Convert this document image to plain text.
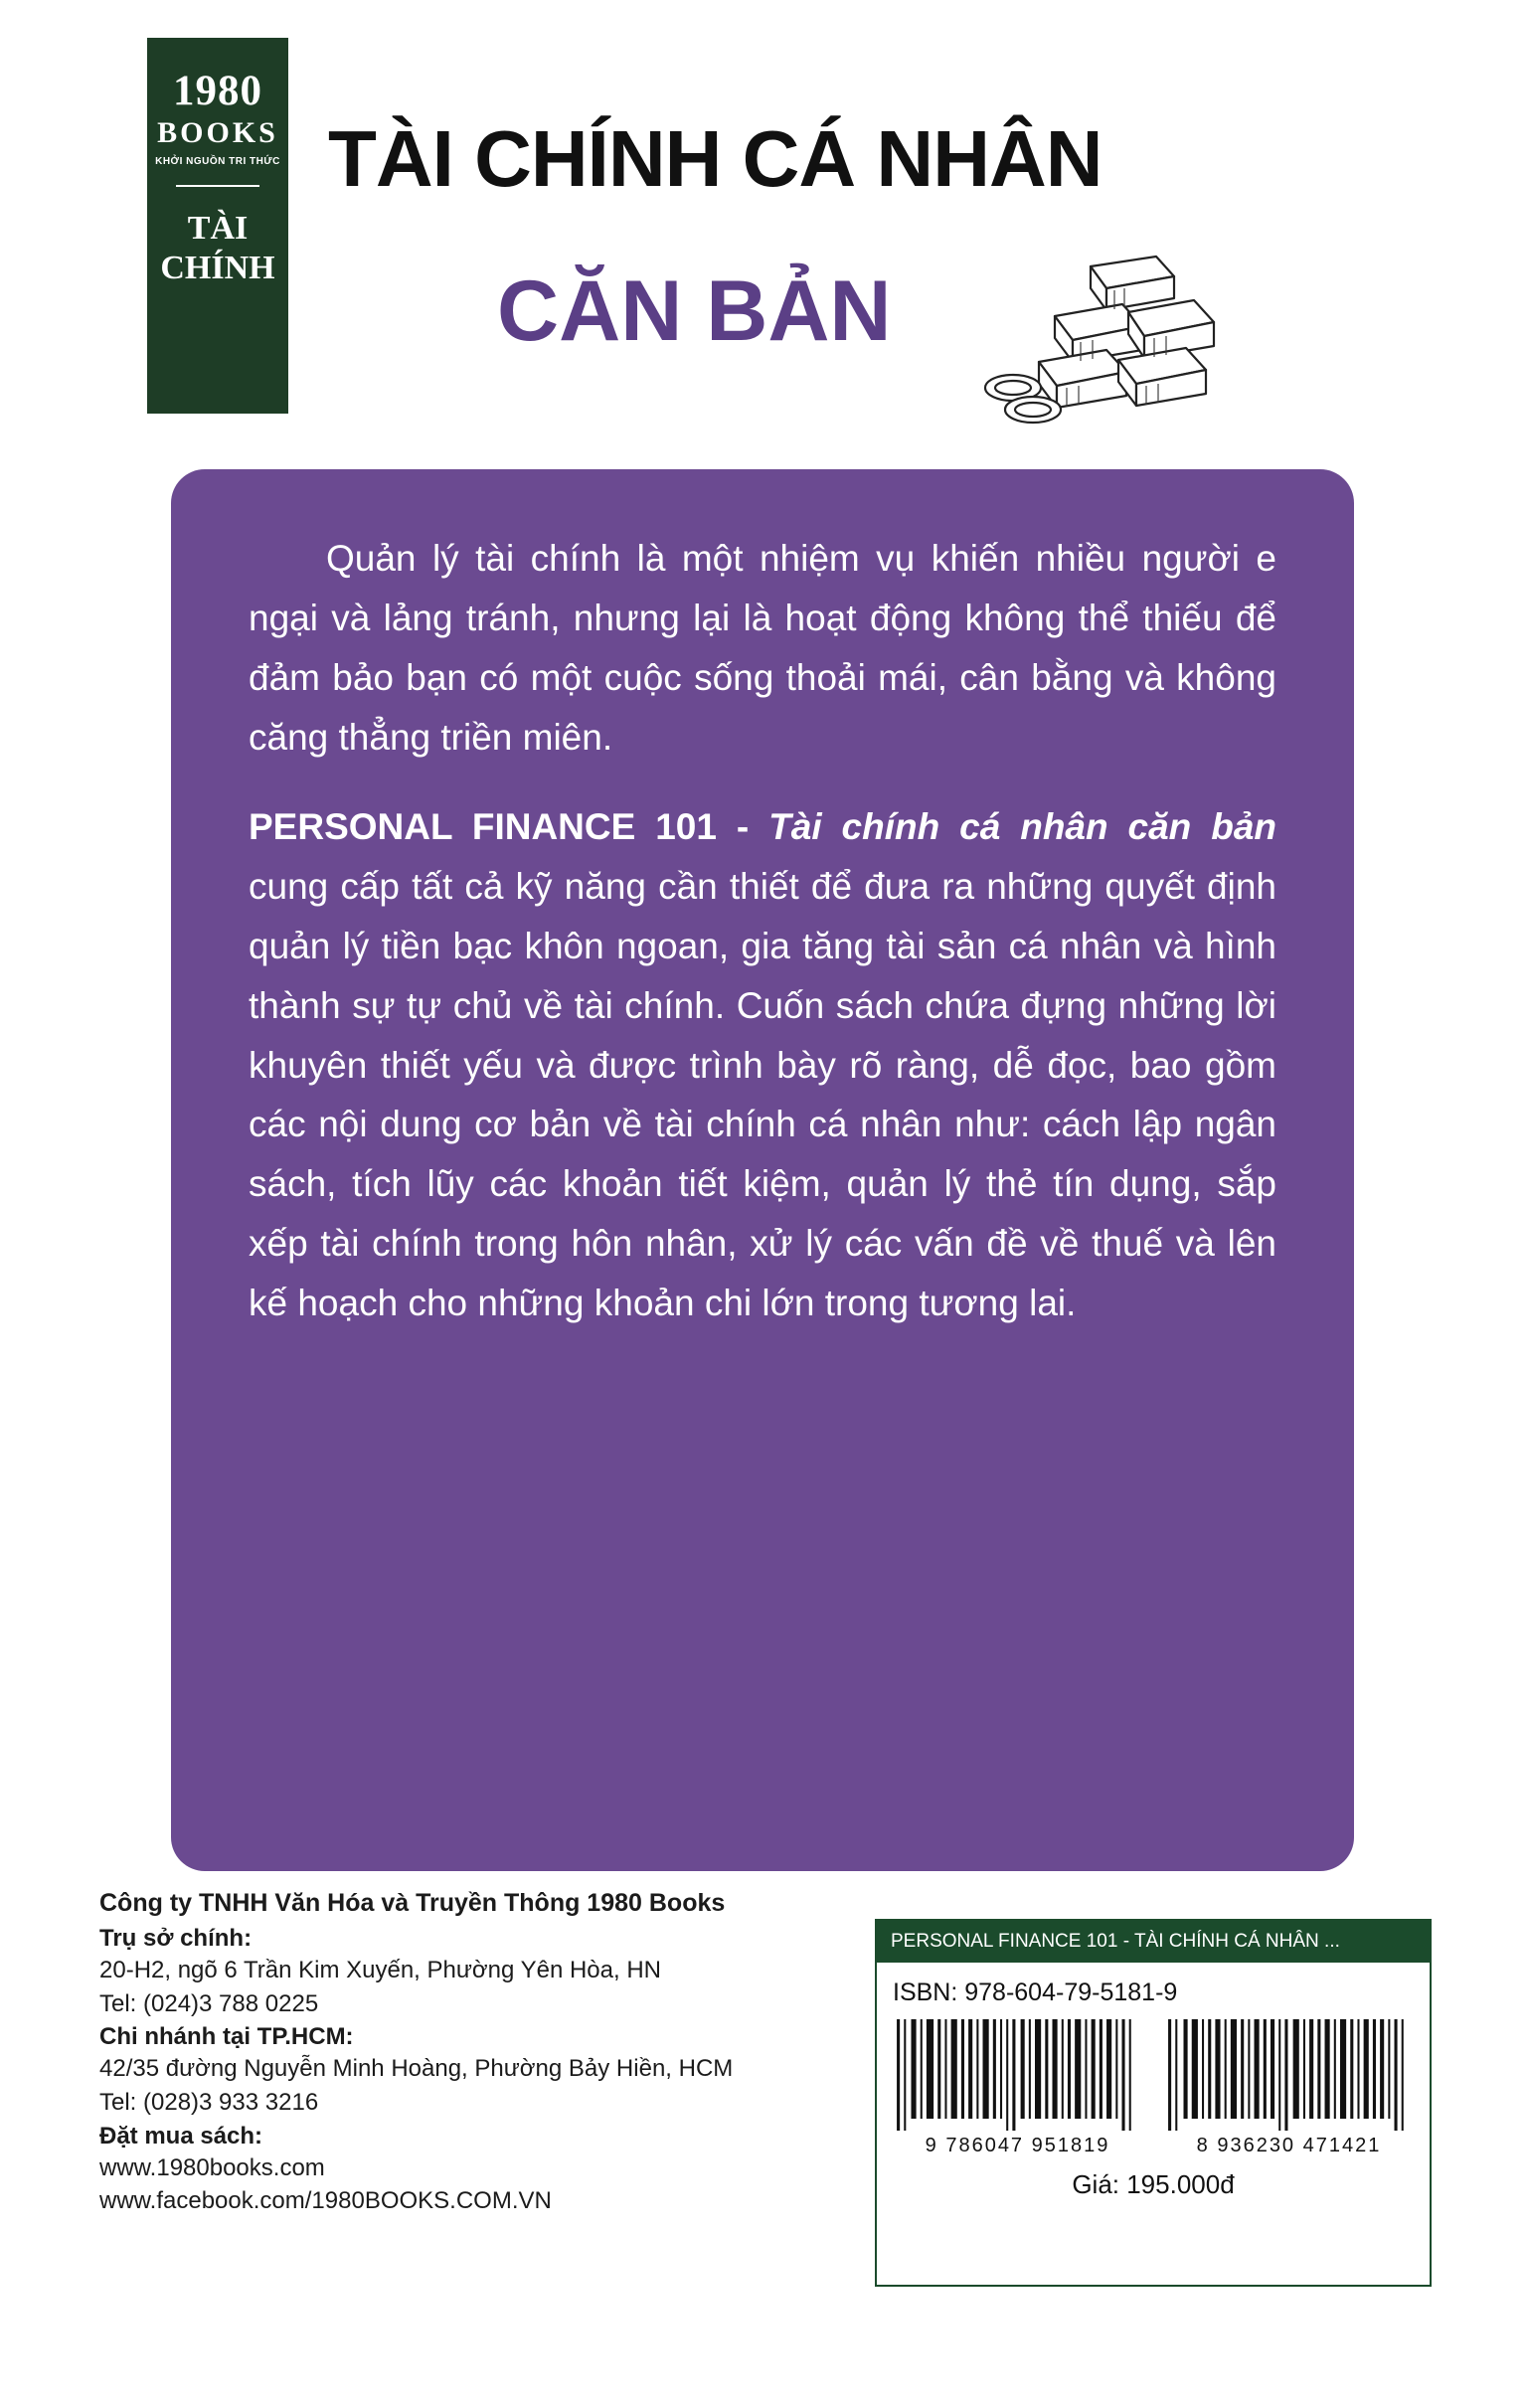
1980
BOOKS
KHỞI NGUỒN TRI THỨC
TÀI
CHÍNH
TÀI CHÍNH CÁ NHÂN
CĂN BẢN

Quản lý tài chính là một nhiệm vụ khiến nhiều người e ngại và lảng tránh, nhưng lại là hoạt động không thể thiếu để đảm bảo bạn có một cuộc sống thoải mái, cân bằng và không căng thẳng triền miên.

PERSONAL FINANCE 101 - Tài chính cá nhân căn bản cung cấp tất cả kỹ năng cần thiết để đưa ra những quyết định quản lý tiền bạc khôn ngoan, gia tăng tài sản cá nhân và hình thành sự tự chủ về tài chính. Cuốn sách chứa đựng những lời khuyên thiết yếu và được trình bày rõ ràng, dễ đọc, bao gồm các nội dung cơ bản về tài chính cá nhân như: cách lập ngân sách, tích lũy các khoản tiết kiệm, quản lý thẻ tín dụng, sắp xếp tài chính trong hôn nhân, xử lý các vấn đề về thuế và lên kế hoạch cho những khoản chi lớn trong tương lai.

Công ty TNHH Văn Hóa và Truyền Thông 1980 Books
Trụ sở chính:
20-H2, ngõ 6 Trần Kim Xuyến, Phường Yên Hòa, HN
Tel: (024)3 788 0225
Chi nhánh tại TP.HCM:
42/35 đường Nguyễn Minh Hoàng, Phường Bảy Hiền, HCM
Tel: (028)3 933 3216
Đặt mua sách:
www.1980books.com
www.facebook.com/1980BOOKS.COM.VN
PERSONAL FINANCE 101 - TÀI CHÍNH CÁ NHÂN ...
ISBN: 978-604-79-5181-9
9 786047 951819	8 936230 471421
Giá: 195.000đ
